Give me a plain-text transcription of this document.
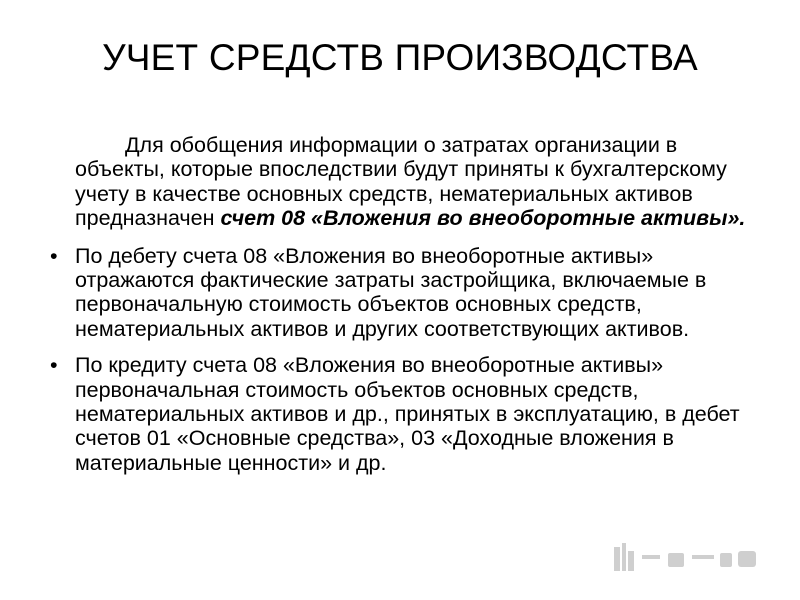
УЧЕТ СРЕДСТВ ПРОИЗВОДСТВА

Для обобщения информации о затратах организации в объекты, которые впоследствии будут приняты к бухгалтерскому учету в качестве основных средств, нематериальных активов предназначен счет 08 «Вложения во внеоборотные активы».

• По дебету счета 08 «Вложения во внеоборотные активы» отражаются фактические затраты застройщика, включаемые в первоначальную стоимость объектов основных средств, нематериальных активов и других соответствующих активов.
• По кредиту счета 08 «Вложения во внеоборотные активы» первоначальная стоимость объектов основных средств, нематериальных активов и др., принятых в эксплуатацию, в дебет счетов 01 «Основные средства», 03 «Доходные вложения в материальные ценности» и др.
